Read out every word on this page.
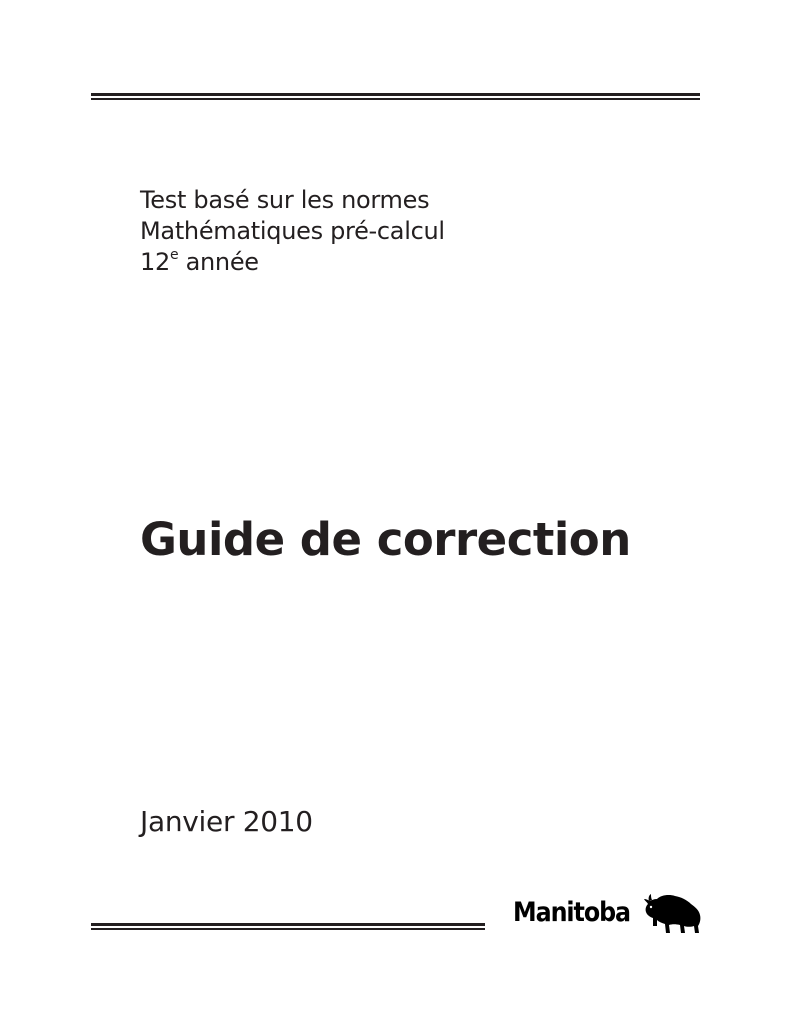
Test basé sur les normes
Mathématiques pré-calcul
12e année
Guide de correction
Janvier 2010
Manitoba
